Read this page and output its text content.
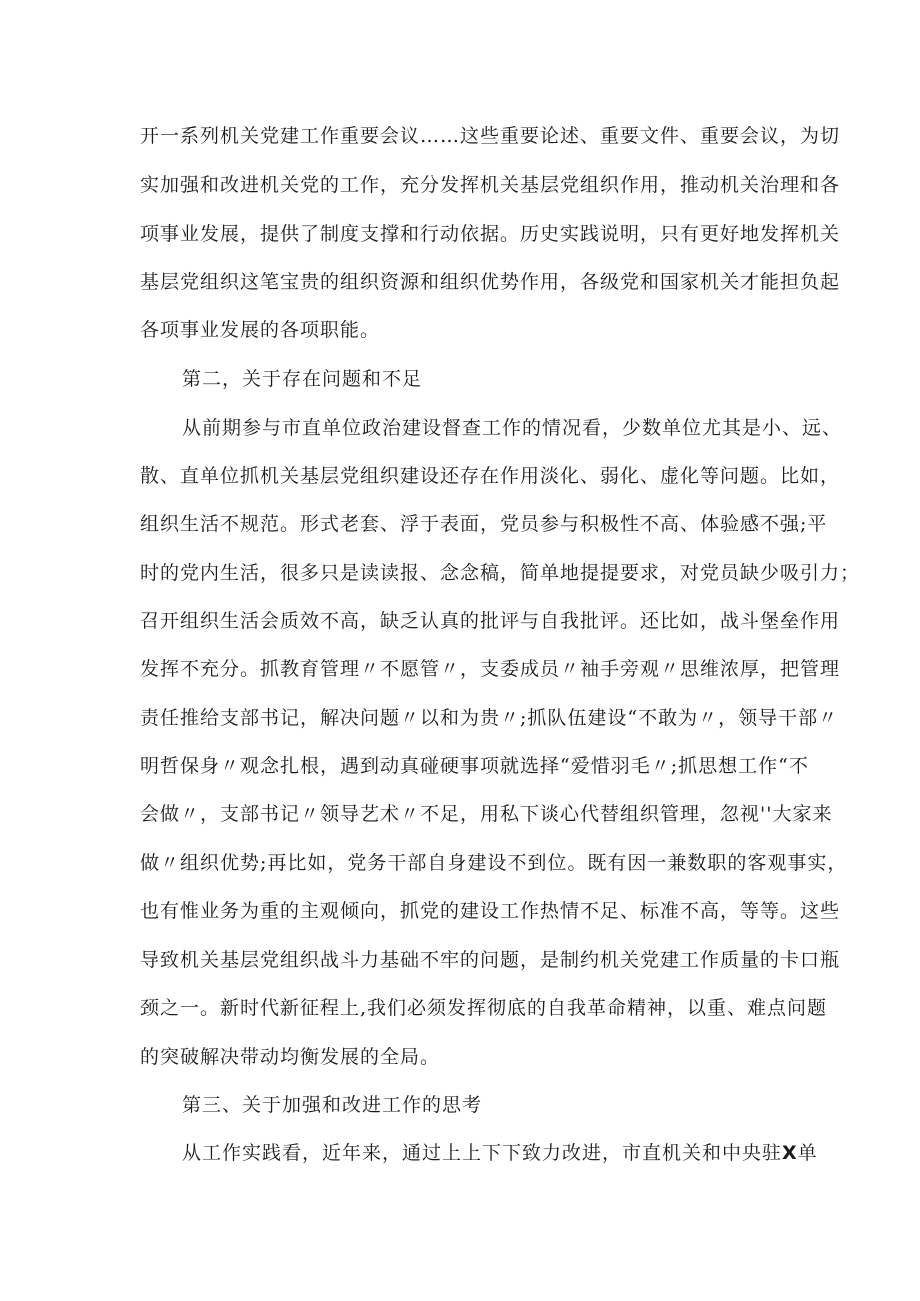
开一系列机关党建工作重要会议……这些重要论述、重要文件、重要会议，为切
实加强和改进机关党的工作，充分发挥机关基层党组织作用，推动机关治理和各
项事业发展，提供了制度支撑和行动依据。历史实践说明，只有更好地发挥机关
基层党组织这笔宝贵的组织资源和组织优势作用，各级党和国家机关才能担负起
各项事业发展的各项职能。
第二，关于存在问题和不足
从前期参与市直单位政治建设督查工作的情况看，少数单位尤其是小、远、
散、直单位抓机关基层党组织建设还存在作用淡化、弱化、虚化等问题。比如，
组织生活不规范。形式老套、浮于表面，党员参与积极性不高、体验感不强;平
时的党内生活，很多只是读读报、念念稿，简单地提提要求，对党员缺少吸引力；
召开组织生活会质效不高，缺乏认真的批评与自我批评。还比如，战斗堡垒作用
发挥不充分。抓教育管理〃不愿管〃，支委成员〃袖手旁观〃思维浓厚，把管理
责任推给支部书记，解决问题〃以和为贵〃;抓队伍建设“不敢为〃，领导干部〃
明哲保身〃观念扎根，遇到动真碰硬事项就选择“爱惜羽毛〃;抓思想工作“不
会做〃，支部书记〃领导艺术〃不足，用私下谈心代替组织管理，忽视''大家来
做〃组织优势;再比如，党务干部自身建设不到位。既有因一兼数职的客观事实，
也有惟业务为重的主观倾向，抓党的建设工作热情不足、标准不高，等等。这些
导致机关基层党组织战斗力基础不牢的问题，是制约机关党建工作质量的卡口瓶
颈之一。新时代新征程上,我们必须发挥彻底的自我革命精神，以重、难点问题
的突破解决带动均衡发展的全局。
第三、关于加强和改进工作的思考
从工作实践看，近年来，通过上上下下致力改进，市直机关和中央驻X单
